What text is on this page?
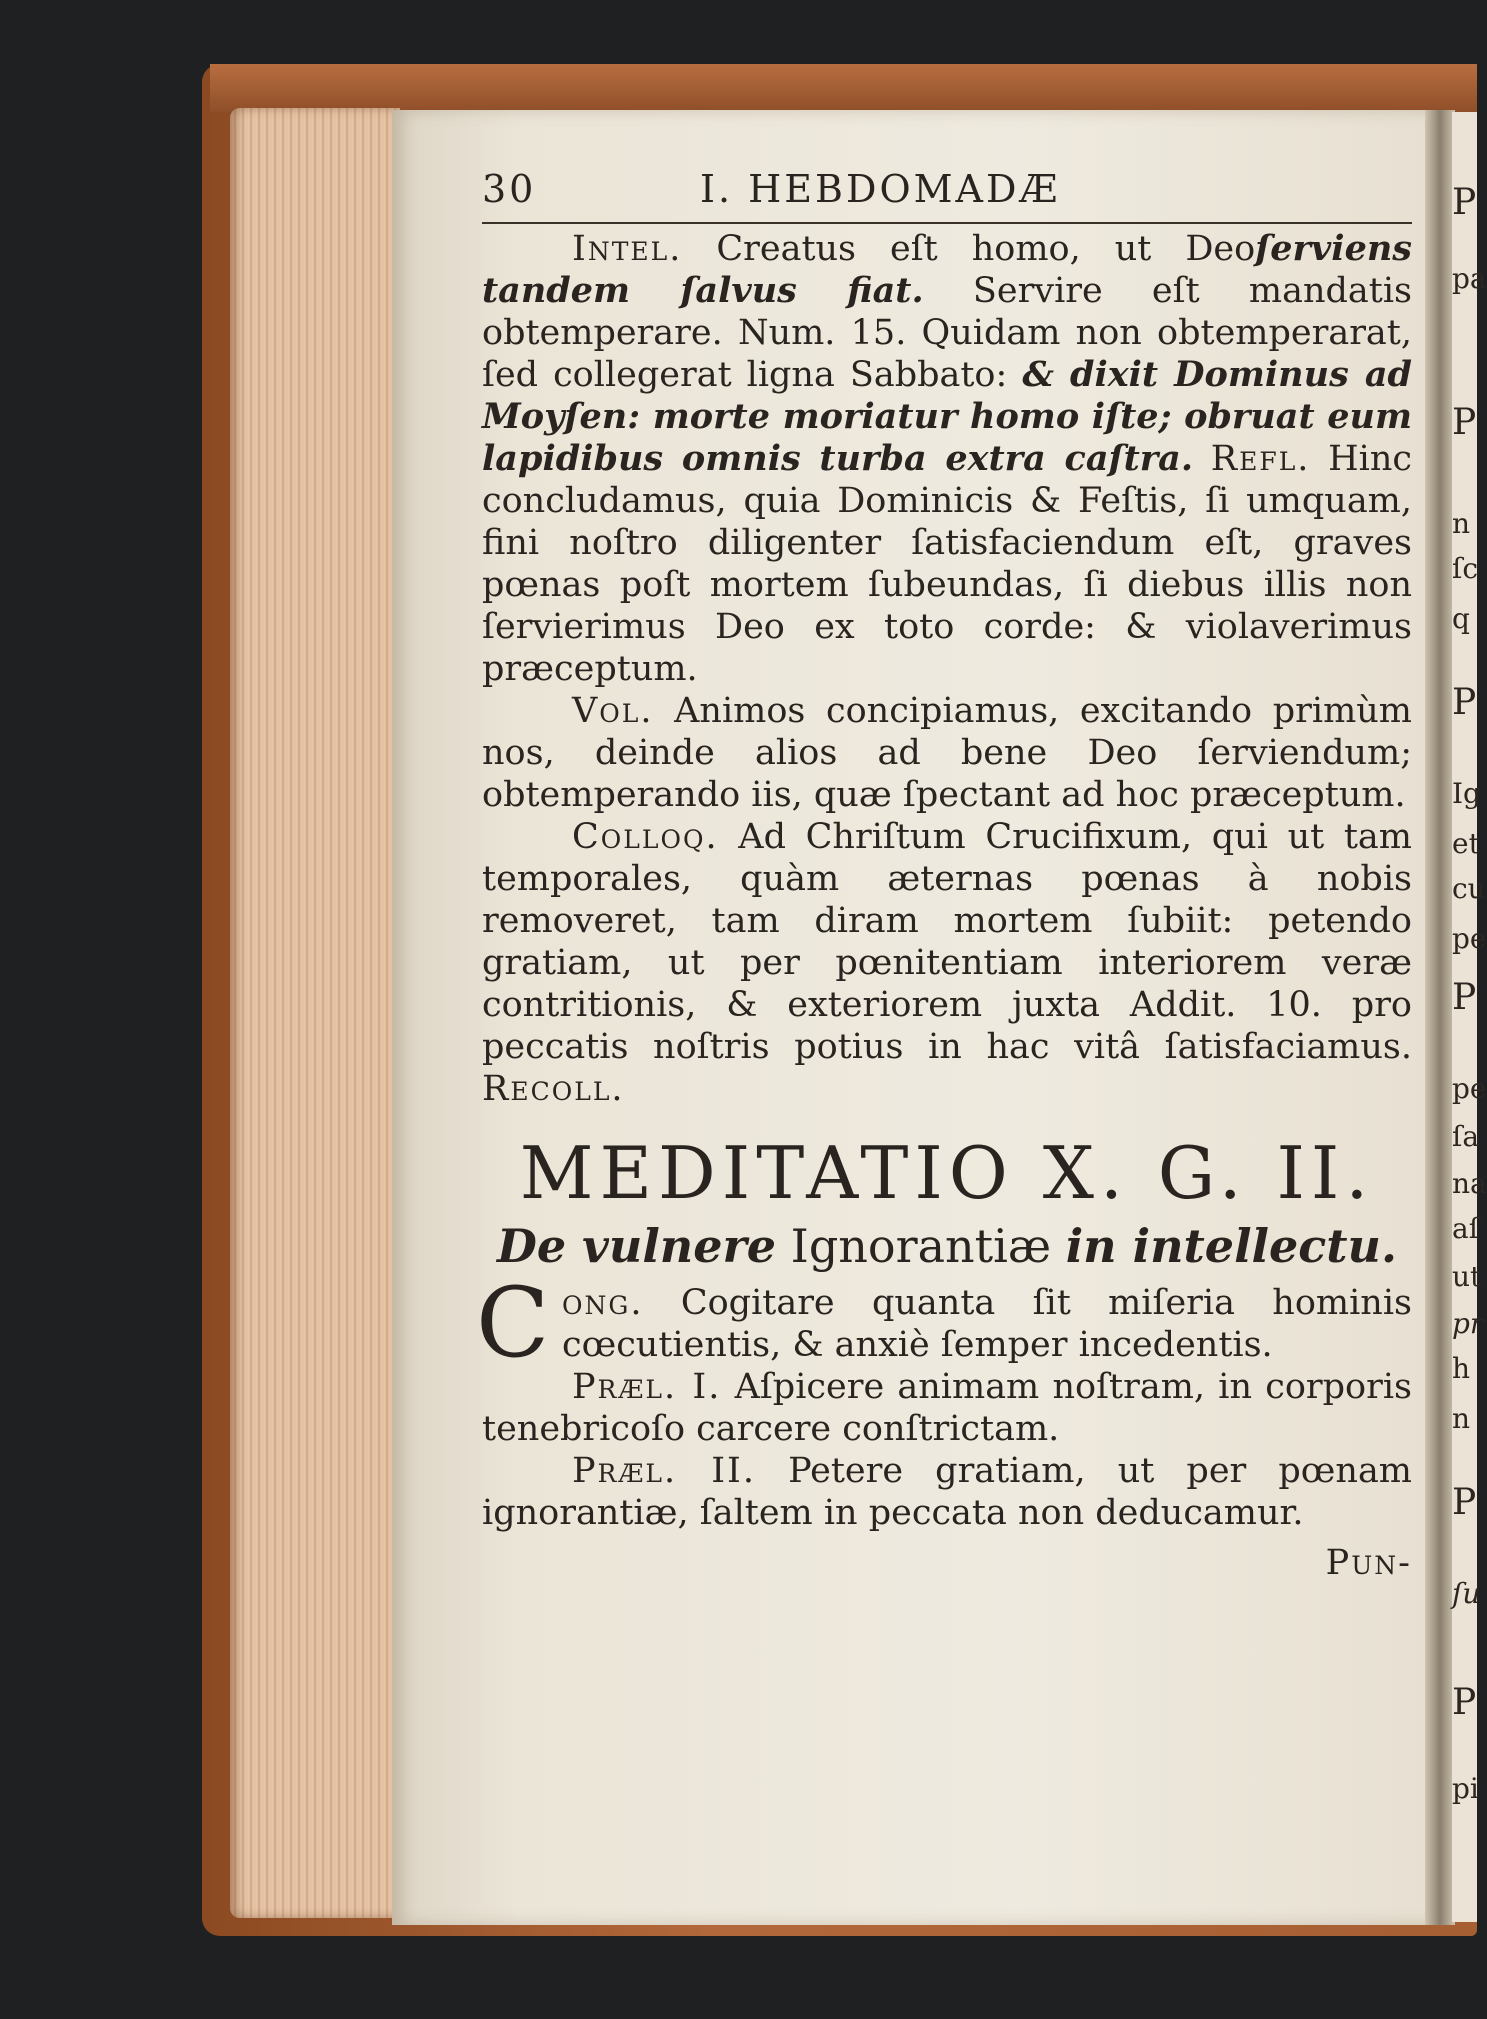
P
pa
P
n
ſc
q
P
Ig
et
cu
pe
P
pe
ſa
na
aſ
ut
pr
h
n
P
ſu
P
pi
30	I. HEBDOMADÆ

Intel. Creatus eſt homo, ut Deoſerviens tandem ſalvus fiat. Servire eſt mandatis obtemperare. Num. 15. Quidam non obtemperarat, ſed collegerat ligna Sabbato: & dixit Dominus ad Moyſen: morte moriatur homo iſte; obruat eum lapidibus omnis turba extra caſtra. Refl. Hinc concludamus, quia Dominicis & Feſtis, ſi umquam, fini noſtro diligenter ſatisfaciendum eſt, graves pœnas poſt mortem ſubeundas, ſi diebus illis non ſervierimus Deo ex toto corde: & violaverimus præceptum.

Vol. Animos concipiamus, excitando primùm nos, deinde alios ad bene Deo ſerviendum; obtemperando iis, quæ ſpectant ad hoc præceptum.

Colloq. Ad Chriſtum Crucifixum, qui ut tam temporales, quàm æternas pœnas à nobis removeret, tam diram mortem ſubiit: petendo gratiam, ut per pœnitentiam interiorem veræ contritionis, & exteriorem juxta Addit. 10. pro peccatis noſtris potius in hac vitâ ſatisfaciamus. Recoll.

MEDITATIO X. G. II.
De vulnere Ignorantiæ in intellectu.

C ong. Cogitare quanta ſit miſeria hominis cœcutientis, & anxiè ſemper incedentis.

Præl. I. Aſpicere animam noſtram, in corporis tenebricoſo carcere conſtrictam.

Præl. II. Petere gratiam, ut per pœnam ignorantiæ, ſaltem in peccata non deducamur.

Pun-
